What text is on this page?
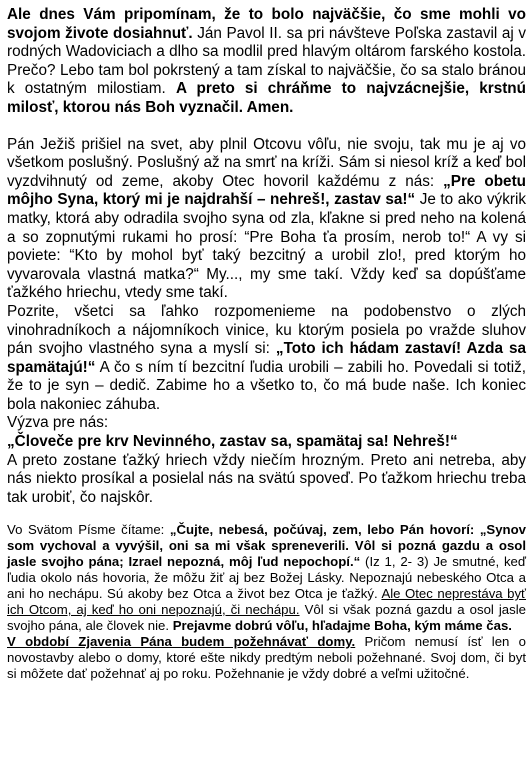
Ale dnes Vám pripomínam, že to bolo najväčšie, čo sme mohli vo svojom živote dosiahnuť. Ján Pavol II. sa pri návšteve Poľska zastavil aj v rodných Wadoviciach a dlho sa modlil pred hlavým oltárom farského kostola. Prečo? Lebo tam bol pokrstený a tam získal to najväčšie, čo sa stalo bránou k ostatným milostiam. A preto si chráňme to najvzácnejšie, krstnú milosť, ktorou nás Boh vyznačil. Amen.

Pán Ježiš prišiel na svet, aby plnil Otcovu vôľu, nie svoju, tak mu je aj vo všetkom poslušný. Poslušný až na smrť na kríži. Sám si niesol kríž a keď bol vyzdvihnutý od zeme, akoby Otec hovoril každému z nás: „Pre obetu môjho Syna, ktorý mi je najdrahší – nehreš!, zastav sa!“ Je to ako výkrik matky, ktorá aby odradila svojho syna od zla, kľakne si pred neho na kolená a so zopnutými rukami ho prosí: “Pre Boha ťa prosím, nerob to!“ A vy si poviete: “Kto by mohol byť taký bezcitný a urobil zlo!, pred ktorým ho vyvarovala vlastná matka?“ My..., my sme takí. Vždy keď sa dopúšťame ťažkého hriechu, vtedy sme takí.

Pozrite, všetci sa ľahko rozpomenieme na podobenstvo o zlých vinohradníkoch a nájomníkoch vinice, ku ktorým posiela po vražde sluhov pán svojho vlastného syna a myslí si: „Toto ich hádam zastaví! Azda sa spamätajú!“ A čo s ním tí bezcitní ľudia urobili – zabili ho. Povedali si totiž, že to je syn – dedič. Zabime ho a všetko to, čo má bude naše. Ich koniec bola nakoniec záhuba.

Výzva pre nás:

„Človeče pre krv Nevinného, zastav sa, spamätaj sa! Nehreš!“

A preto zostane ťažký hriech vždy niečím hrozným. Preto ani netreba, aby nás niekto prosíkal a posielal nás na svätú spoveď. Po ťažkom hriechu treba tak urobiť, čo najskôr.

Vo Svätom Písme čítame: „Čujte, nebesá, počúvaj, zem, lebo Pán hovorí: „Synov som vychoval a vyvýšil, oni sa mi však spreneverili. Vôl si pozná gazdu a osol jasle svojho pána; Izrael nepozná, môj ľud nepochopí.“ (Iz 1, 2- 3) Je smutné, keď ľudia okolo nás hovoria, že môžu žiť aj bez Božej Lásky. Nepoznajú nebeského Otca a ani ho nechápu. Sú akoby bez Otca a život bez Otca je ťažký. Ale Otec neprestáva byť ich Otcom, aj keď ho oni nepoznajú, či nechápu. Vôl si však pozná gazdu a osol jasle svojho pána, ale človek nie. Prejavme dobrú vôľu, hľadajme Boha, kým máme čas.

V období Zjavenia Pána budem požehnávať domy. Pričom nemusí ísť len o novostavby alebo o domy, ktoré ešte nikdy predtým neboli požehnané. Svoj dom, či byt si môžete dať požehnať aj po roku. Požehnanie je vždy dobré a veľmi užitočné.
